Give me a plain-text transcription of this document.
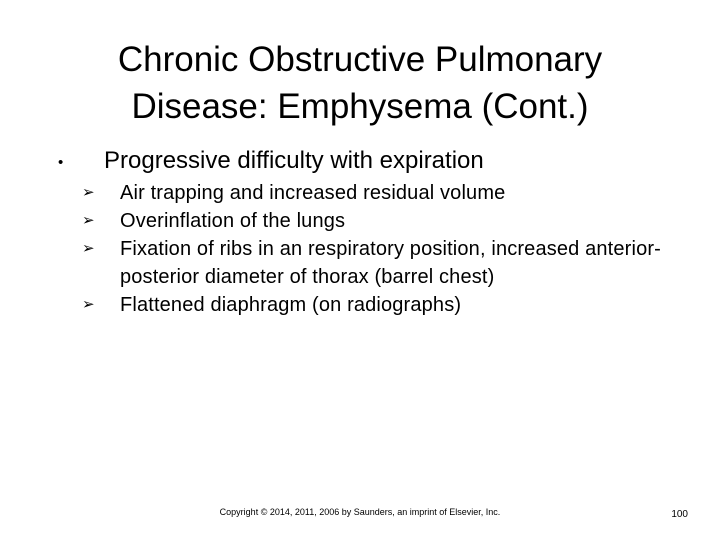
Chronic Obstructive Pulmonary
Disease: Emphysema (Cont.)
•	Progressive difficulty with expiration
➢	Air trapping and increased residual volume
➢	Overinflation of the lungs
➢	Fixation of ribs in an respiratory position, increased anterior-posterior diameter of thorax (barrel chest)
➢	Flattened diaphragm (on radiographs)
Copyright © 2014, 2011, 2006 by Saunders, an imprint of Elsevier, Inc.	100
